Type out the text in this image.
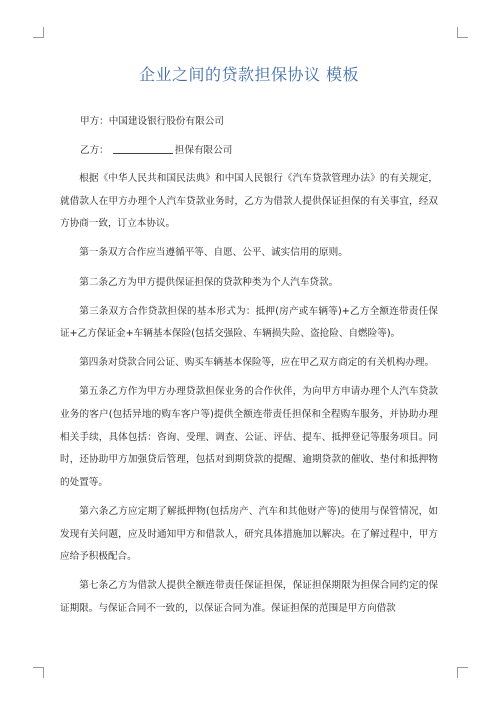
企业之间的贷款担保协议 模板

甲方：中国建设银行股份有限公司

乙方：	担保有限公司

根据《中华人民共和国民法典》和中国人民银行《汽车贷款管理办法》的有关规定，就借款人在甲方办理个人汽车贷款业务时，乙方为借款人提供保证担保的有关事宜，经双方协商一致，订立本协议。

第一条双方合作应当遵循平等、自愿、公平、诚实信用的原则。

第二条乙方为甲方提供保证担保的贷款种类为个人汽车贷款。

第三条双方合作贷款担保的基本形式为：抵押(房产或车辆等)+乙方全额连带责任保证+乙方保证金+车辆基本保险(包括交强险、车辆损失险、盗抢险、自燃险等)。

第四条对贷款合同公证、购买车辆基本保险等，应在甲乙双方商定的有关机构办理。

第五条乙方作为甲方办理贷款担保业务的合作伙伴，为向甲方申请办理个人汽车贷款业务的客户(包括异地的购车客户等)提供全额连带责任担保和全程购车服务，并协助办理相关手续，具体包括：咨询、受理、调查、公证、评估、提车、抵押登记等服务项目。同时，还协助甲方加强贷后管理，包括对到期贷款的提醒、逾期贷款的催收、垫付和抵押物的处置等。

第六条乙方应定期了解抵押物(包括房产、汽车和其他财产等)的使用与保管情况，如发现有关问题，应及时通知甲方和借款人，研究具体措施加以解决。在了解过程中，甲方应给予积极配合。

第七条乙方为借款人提供全额连带责任保证担保，保证担保期限为担保合同约定的保证期限。与保证合同不一致的，以保证合同为准。保证担保的范围是甲方向借款
